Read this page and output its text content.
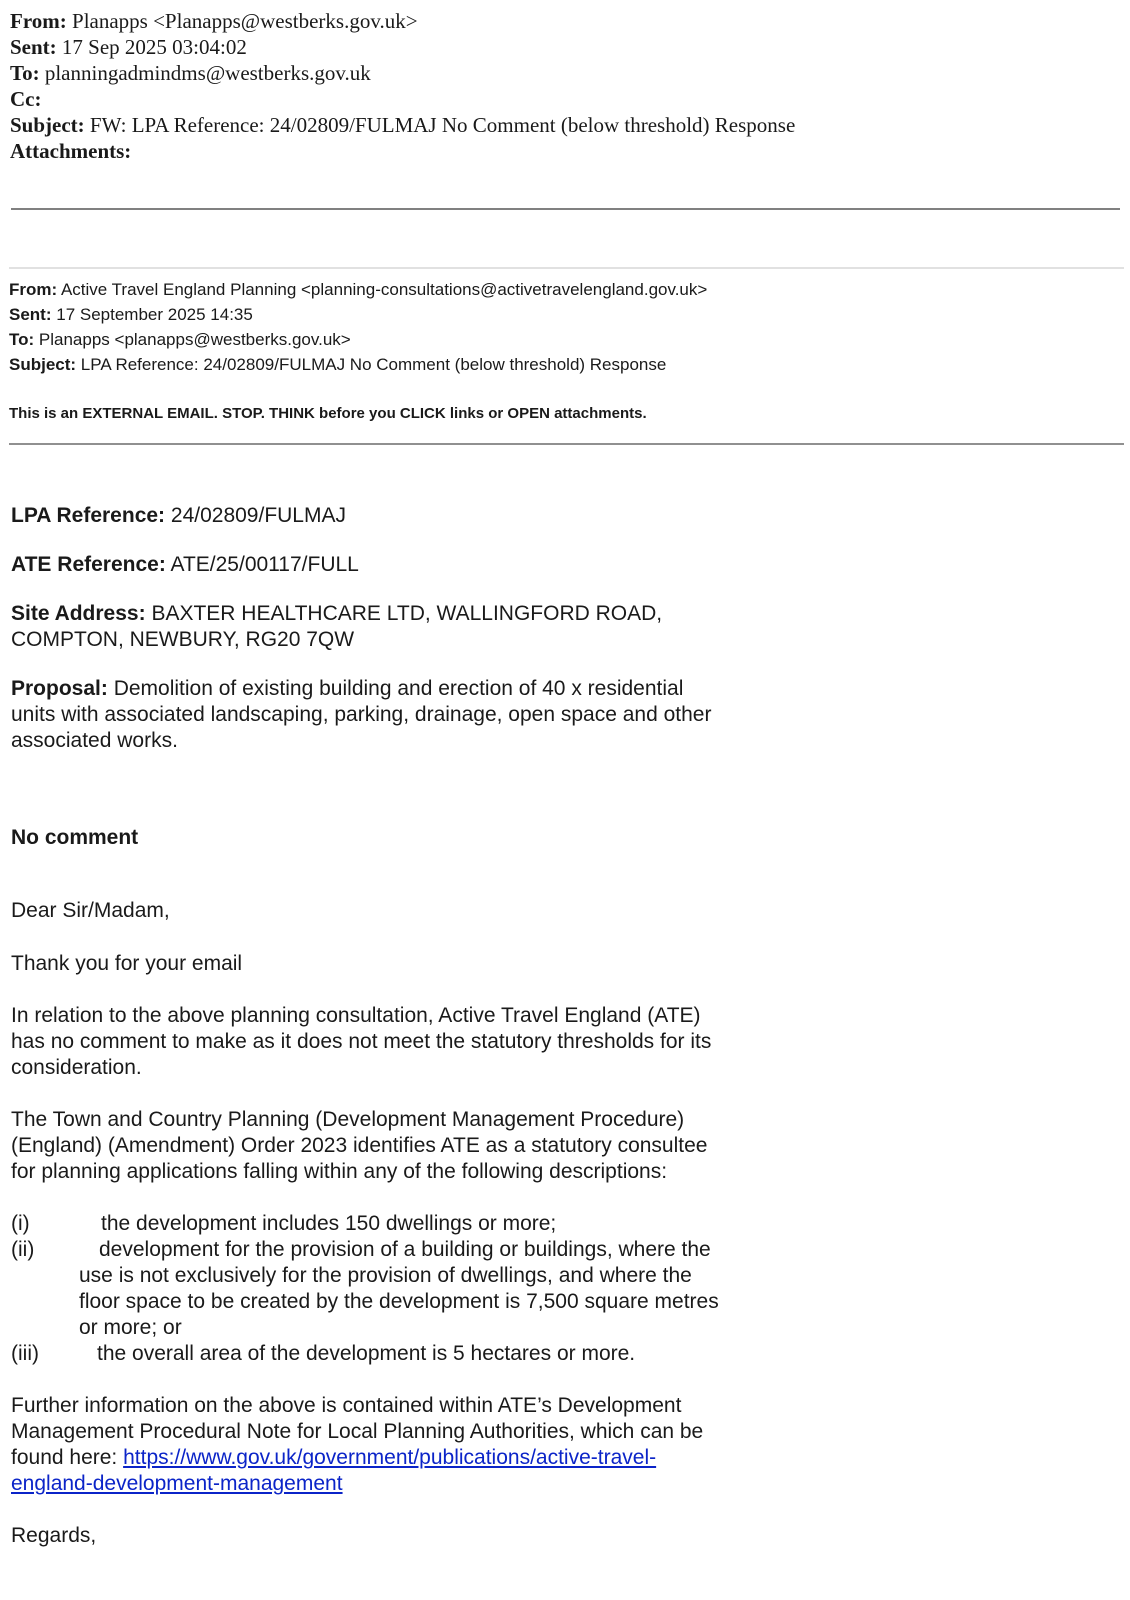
From: Planapps <Planapps@westberks.gov.uk>
Sent: 17 Sep 2025 03:04:02
To: planningadmindms@westberks.gov.uk
Cc:
Subject: FW: LPA Reference: 24/02809/FULMAJ No Comment (below threshold) Response
Attachments:
From: Active Travel England Planning <planning-consultations@activetravelengland.gov.uk>
Sent: 17 September 2025 14:35
To: Planapps <planapps@westberks.gov.uk>
Subject: LPA Reference: 24/02809/FULMAJ No Comment (below threshold) Response
This is an EXTERNAL EMAIL. STOP. THINK before you CLICK links or OPEN attachments.
LPA Reference: 24/02809/FULMAJ
ATE Reference: ATE/25/00117/FULL
Site Address: BAXTER HEALTHCARE LTD, WALLINGFORD ROAD,
COMPTON, NEWBURY, RG20 7QW
Proposal: Demolition of existing building and erection of 40 x residential
units with associated landscaping, parking, drainage, open space and other
associated works.
No comment
Dear Sir/Madam,
Thank you for your email
In relation to the above planning consultation, Active Travel England (ATE)
has no comment to make as it does not meet the statutory thresholds for its
consideration.
The Town and Country Planning (Development Management Procedure)
(England) (Amendment) Order 2023 identifies ATE as a statutory consultee
for planning applications falling within any of the following descriptions:
(i)	the development includes 150 dwellings or more;
(ii)	development for the provision of a building or buildings, where the
use is not exclusively for the provision of dwellings, and where the
floor space to be created by the development is 7,500 square metres
or more; or
(iii)	the overall area of the development is 5 hectares or more.
Further information on the above is contained within ATE’s Development
Management Procedural Note for Local Planning Authorities, which can be
found here: https://www.gov.uk/government/publications/active-travel-
england-development-management
Regards,
